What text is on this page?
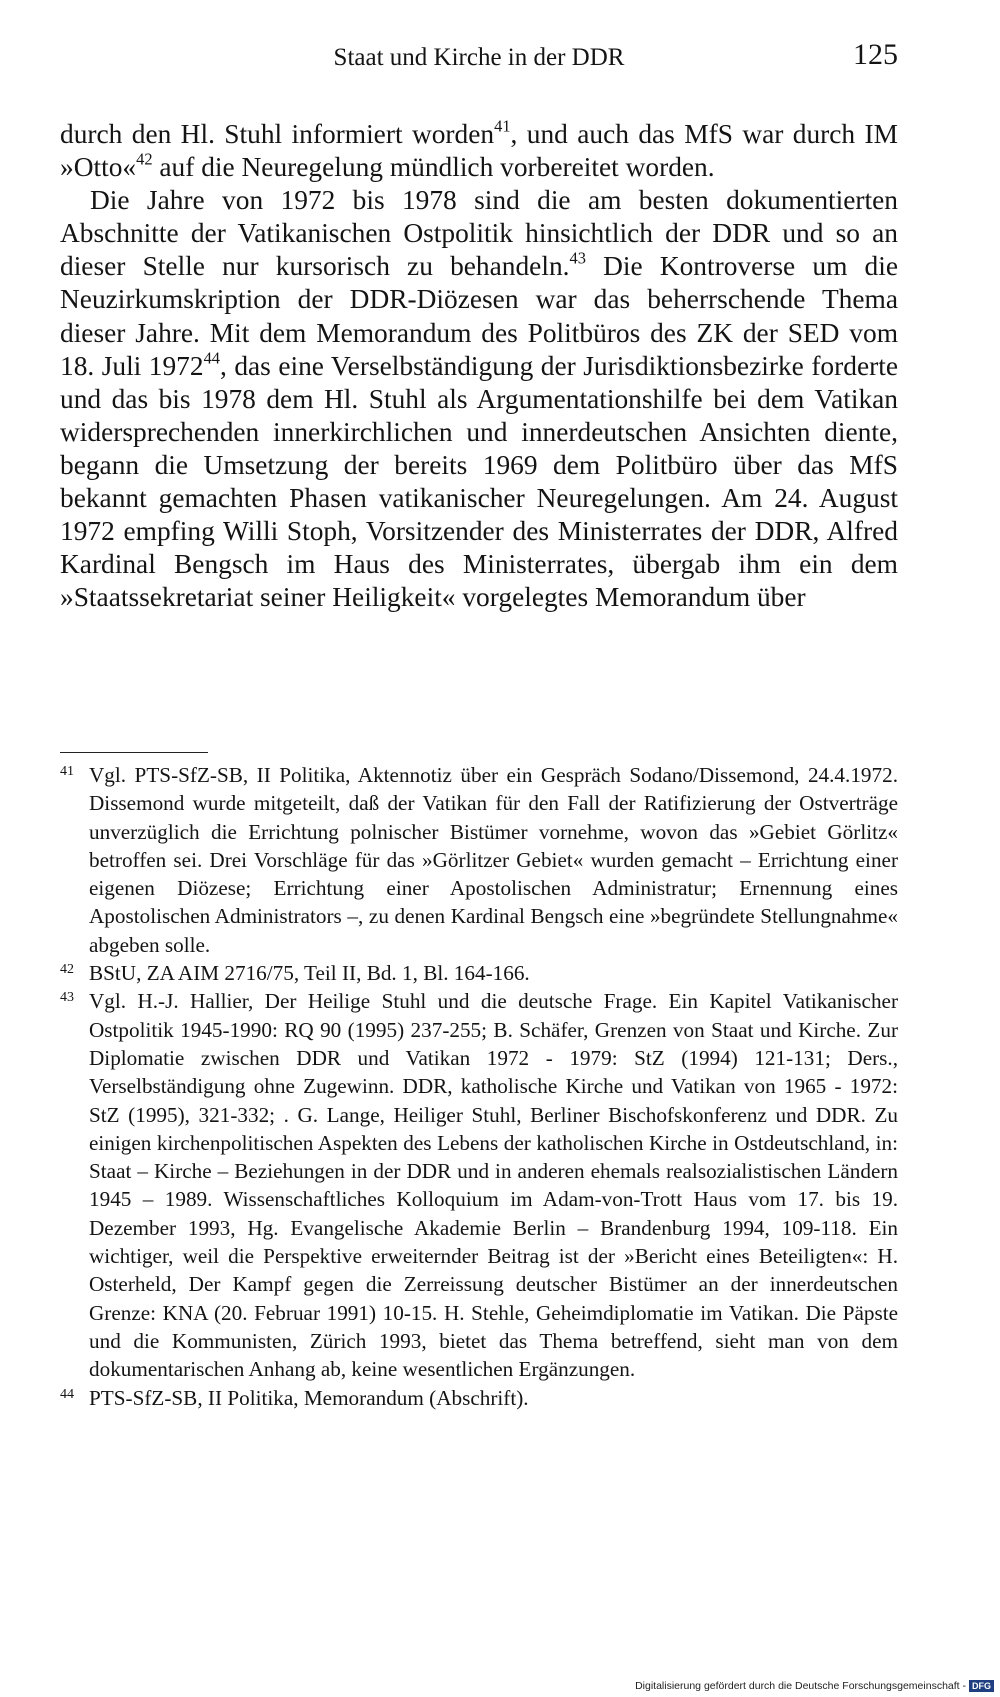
Staat und Kirche in der DDR	125

durch den Hl. Stuhl informiert worden$^{41}$, und auch das MfS war durch IM »Otto«$^{42}$ auf die Neuregelung mündlich vorbereitet worden.

Die Jahre von 1972 bis 1978 sind die am besten dokumentierten Abschnitte der Vatikanischen Ostpolitik hinsichtlich der DDR und so an dieser Stelle nur kursorisch zu behandeln.$^{43}$ Die Kontroverse um die Neuzirkumskription der DDR-Diözesen war das beherrschende Thema dieser Jahre. Mit dem Memorandum des Politbüros des ZK der SED vom 18. Juli 1972$^{44}$, das eine Verselbständigung der Jurisdiktionsbezirke forderte und das bis 1978 dem Hl. Stuhl als Argumentationshilfe bei dem Vatikan widersprechenden innerkirchlichen und innerdeutschen Ansichten diente, begann die Umsetzung der bereits 1969 dem Politbüro über das MfS bekannt gemachten Phasen vatikanischer Neuregelungen. Am 24. August 1972 empfing Willi Stoph, Vorsitzender des Ministerrates der DDR, Alfred Kardinal Bengsch im Haus des Ministerrates, übergab ihm ein dem »Staatssekretariat seiner Heiligkeit« vorgelegtes Memorandum über

41 Vgl. PTS-SfZ-SB, II Politika, Aktennotiz über ein Gespräch Sodano/Dissemond, 24.4.1972. Dissemond wurde mitgeteilt, daß der Vatikan für den Fall der Ratifizierung der Ostverträge unverzüglich die Errichtung polnischer Bistümer vornehme, wovon das »Gebiet Görlitz« betroffen sei. Drei Vorschläge für das »Görlitzer Gebiet« wurden gemacht – Errichtung einer eigenen Diözese; Errichtung einer Apostolischen Administratur; Ernennung eines Apostolischen Administrators –, zu denen Kardinal Bengsch eine »begründete Stellungnahme« abgeben solle.

42 BStU, ZA AIM 2716/75, Teil II, Bd. 1, Bl. 164-166.

43 Vgl. H.-J. Hallier, Der Heilige Stuhl und die deutsche Frage. Ein Kapitel Vatikanischer Ostpolitik 1945-1990: RQ 90 (1995) 237-255; B. Schäfer, Grenzen von Staat und Kirche. Zur Diplomatie zwischen DDR und Vatikan 1972 - 1979: StZ (1994) 121-131; Ders., Verselbständigung ohne Zugewinn. DDR, katholische Kirche und Vatikan von 1965 - 1972: StZ (1995), 321-332; . G. Lange, Heiliger Stuhl, Berliner Bischofskonferenz und DDR. Zu einigen kirchenpolitischen Aspekten des Lebens der katholischen Kirche in Ostdeutschland, in: Staat – Kirche – Beziehungen in der DDR und in anderen ehemals realsozialistischen Ländern 1945 – 1989. Wissenschaftliches Kolloquium im Adam-von-Trott Haus vom 17. bis 19. Dezember 1993, Hg. Evangelische Akademie Berlin – Brandenburg 1994, 109-118. Ein wichtiger, weil die Perspektive erweiternder Beitrag ist der »Bericht eines Beteiligten«: H. Osterheld, Der Kampf gegen die Zerreissung deutscher Bistümer an der innerdeutschen Grenze: KNA (20. Februar 1991) 10-15. H. Stehle, Geheimdiplomatie im Vatikan. Die Päpste und die Kommunisten, Zürich 1993, bietet das Thema betreffend, sieht man von dem dokumentarischen Anhang ab, keine wesentlichen Ergänzungen.

44 PTS-SfZ-SB, II Politika, Memorandum (Abschrift).

Digitalisierung gefördert durch die Deutsche Forschungsgemeinschaft - DFG
